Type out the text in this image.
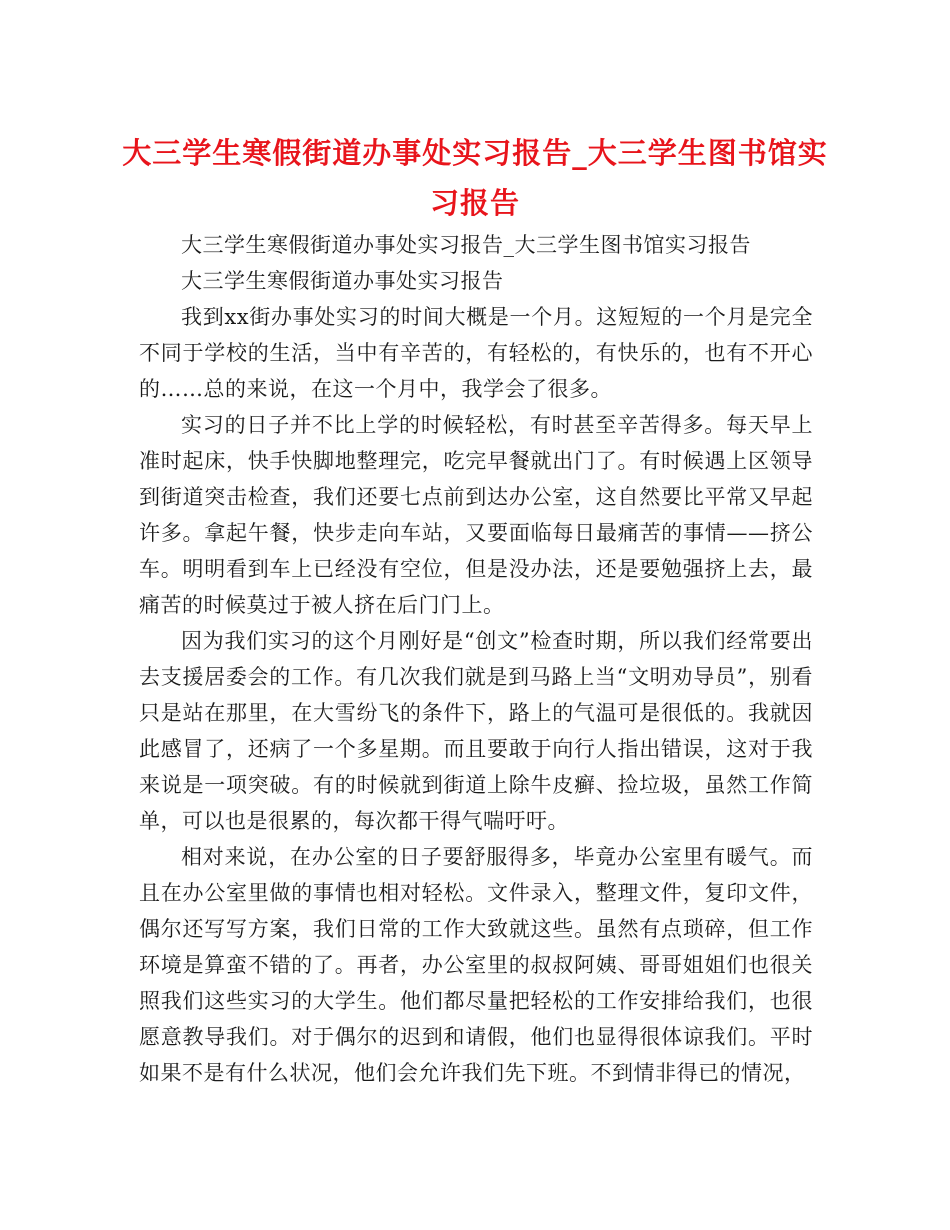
大三学生寒假街道办事处实习报告_大三学生图书馆实习报告

大三学生寒假街道办事处实习报告_大三学生图书馆实习报告

大三学生寒假街道办事处实习报告

我到xx街办事处实习的时间大概是一个月。这短短的一个月是完全不同于学校的生活，当中有辛苦的，有轻松的，有快乐的，也有不开心的……总的来说，在这一个月中，我学会了很多。

实习的日子并不比上学的时候轻松，有时甚至辛苦得多。每天早上准时起床，快手快脚地整理完，吃完早餐就出门了。有时候遇上区领导到街道突击检查，我们还要七点前到达办公室，这自然要比平常又早起许多。拿起午餐，快步走向车站，又要面临每日最痛苦的事情——挤公车。明明看到车上已经没有空位，但是没办法，还是要勉强挤上去，最痛苦的时候莫过于被人挤在后门门上。

因为我们实习的这个月刚好是“创文”检查时期，所以我们经常要出去支援居委会的工作。有几次我们就是到马路上当“文明劝导员”，别看只是站在那里，在大雪纷飞的条件下，路上的气温可是很低的。我就因此感冒了，还病了一个多星期。而且要敢于向行人指出错误，这对于我来说是一项突破。有的时候就到街道上除牛皮癣、捡垃圾，虽然工作简单，可以也是很累的，每次都干得气喘吁吁。

相对来说，在办公室的日子要舒服得多，毕竟办公室里有暖气。而且在办公室里做的事情也相对轻松。文件录入，整理文件，复印文件，偶尔还写写方案，我们日常的工作大致就这些。虽然有点琐碎，但工作环境是算蛮不错的了。再者，办公室里的叔叔阿姨、哥哥姐姐们也很关照我们这些实习的大学生。他们都尽量把轻松的工作安排给我们，也很愿意教导我们。对于偶尔的迟到和请假，他们也显得很体谅我们。平时如果不是有什么状况，他们会允许我们先下班。不到情非得已的情况，
